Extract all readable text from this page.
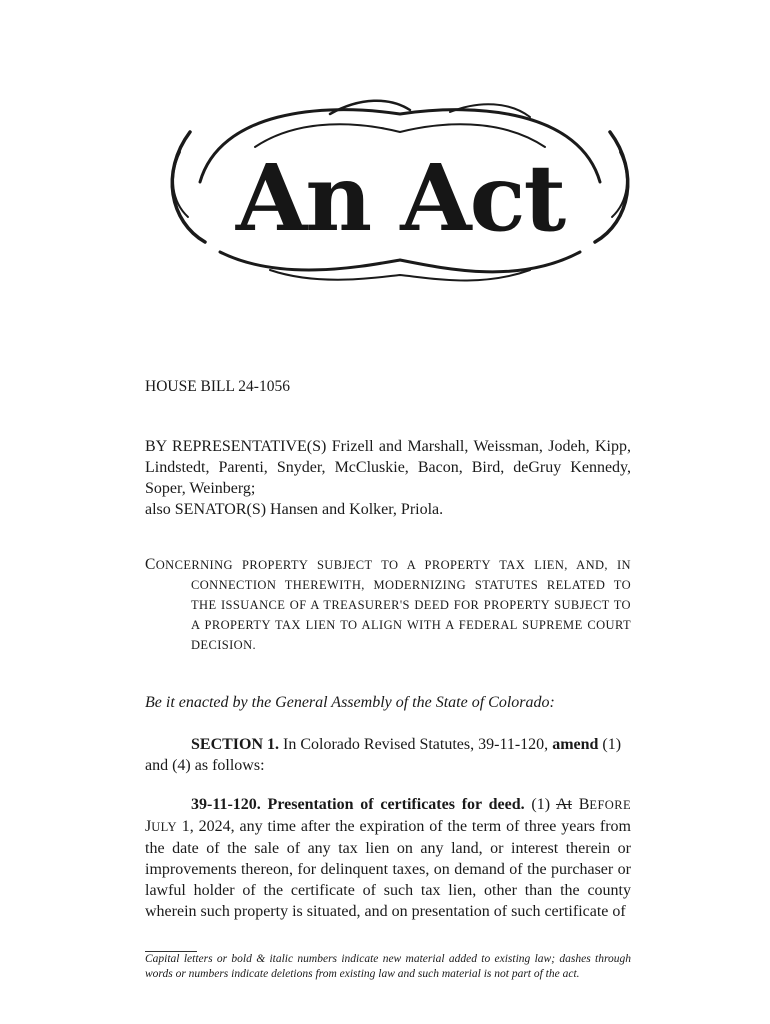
An Act
HOUSE BILL 24-1056

BY REPRESENTATIVE(S) Frizell and Marshall, Weissman, Jodeh, Kipp, Lindstedt, Parenti, Snyder, McCluskie, Bacon, Bird, deGruy Kennedy, Soper, Weinberg;

also SENATOR(S) Hansen and Kolker, Priola.

CONCERNING PROPERTY SUBJECT TO A PROPERTY TAX LIEN, AND, IN
CONNECTION THEREWITH, MODERNIZING STATUTES RELATED TO THE ISSUANCE OF A TREASURER'S DEED FOR PROPERTY SUBJECT TO A PROPERTY TAX LIEN TO ALIGN WITH A FEDERAL SUPREME COURT DECISION.
Be it enacted by the General Assembly of the State of Colorado:
SECTION 1. In Colorado Revised Statutes, 39-11-120, amend (1) and (4) as follows:
39-11-120. Presentation of certificates for deed. (1) At BEFORE JULY 1, 2024, any time after the expiration of the term of three years from the date of the sale of any tax lien on any land, or interest therein or improvements thereon, for delinquent taxes, on demand of the purchaser or lawful holder of the certificate of such tax lien, other than the county wherein such property is situated, and on presentation of such certificate of
Capital letters or bold & italic numbers indicate new material added to existing law; dashes through words or numbers indicate deletions from existing law and such material is not part of the act.
